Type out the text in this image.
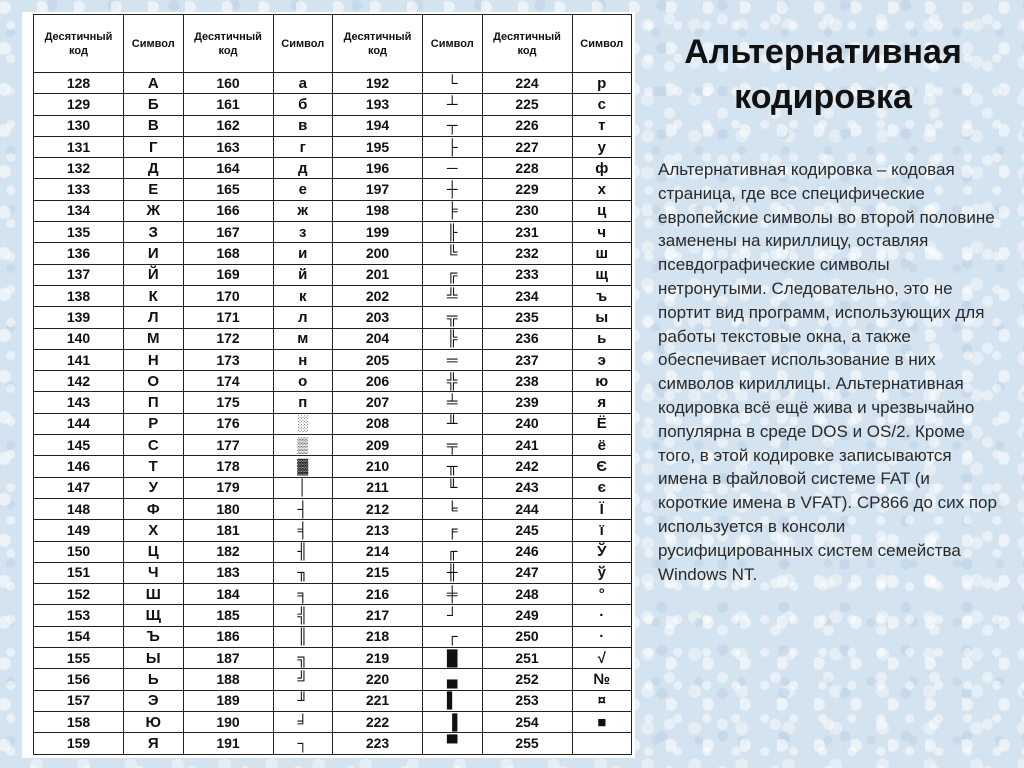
Десятичный код	Символ	Десятичный код	Символ	Десятичный код	Символ	Десятичный код	Символ
128	А	160	а	192	└	224	р
129	Б	161	б	193	┴	225	с
130	В	162	в	194	┬	226	т
131	Г	163	г	195	├	227	у
132	Д	164	д	196	─	228	ф
133	Е	165	е	197	┼	229	х
134	Ж	166	ж	198	╞	230	ц
135	З	167	з	199	╟	231	ч
136	И	168	и	200	╚	232	ш
137	Й	169	й	201	╔	233	щ
138	К	170	к	202	╩	234	ъ
139	Л	171	л	203	╦	235	ы
140	М	172	м	204	╠	236	ь
141	Н	173	н	205	═	237	э
142	О	174	о	206	╬	238	ю
143	П	175	п	207	╧	239	я
144	Р	176	░	208	╨	240	Ё
145	С	177	▒	209	╤	241	ё
146	Т	178	▓	210	╥	242	Є
147	У	179	│	211	╙	243	є
148	Ф	180	┤	212	╘	244	Ї
149	Х	181	╡	213	╒	245	ї
150	Ц	182	╢	214	╓	246	Ў
151	Ч	183	╖	215	╫	247	ў
152	Ш	184	╕	216	╪	248	°
153	Щ	185	╣	217	┘	249	·
154	Ъ	186	║	218	┌	250	·
155	Ы	187	╗	219	█	251	√
156	Ь	188	╝	220	▄	252	№
157	Э	189	╜	221	▌	253	¤
158	Ю	190	╛	222	▐	254	■
159	Я	191	┐	223	▀	255	
Альтернативная кодировка

Альтернативная кодировка – кодовая страница, где все специфические европейские символы во второй половине заменены на кириллицу, оставляя псевдографические символы нетронутыми. Следовательно, это не портит вид программ, использующих для работы текстовые окна, а также обеспечивает использование в них символов кириллицы. Альтернативная кодировка всё ещё жива и чрезвычайно популярна в среде DOS и OS/2. Кроме того, в этой кодировке записываются имена в файловой системе FAT (и короткие имена в VFAT). CP866 до сих пор используется в консоли русифицированных систем семейства Windows NT.
